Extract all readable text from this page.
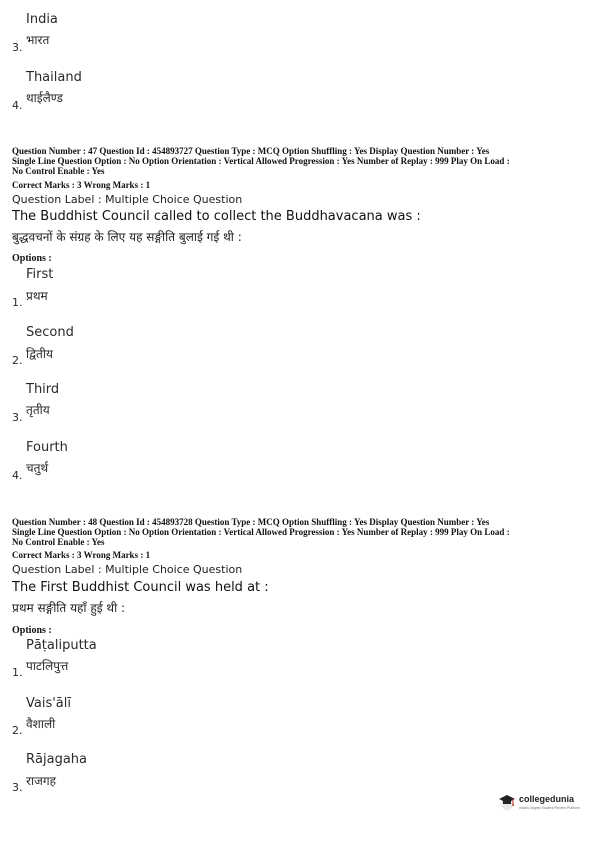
India
भारत
3.
Thailand
थाईलैण्ड
4.
Question Number : 47 Question Id : 454893727 Question Type : MCQ Option Shuffling : Yes Display Question Number : Yes
Single Line Question Option : No Option Orientation : Vertical Allowed Progression : Yes Number of Replay : 999 Play On Load :
No Control Enable : Yes
Correct Marks : 3 Wrong Marks : 1
Question Label : Multiple Choice Question
The Buddhist Council called to collect the Buddhavacana was :
बुद्धवचनों के संग्रह के लिए यह सङ्गीति बुलाई गई थी :
Options :
First
प्रथम
1.
Second
द्वितीय
2.
Third
तृतीय
3.
Fourth
चतुर्थ
4.
Question Number : 48 Question Id : 454893728 Question Type : MCQ Option Shuffling : Yes Display Question Number : Yes
Single Line Question Option : No Option Orientation : Vertical Allowed Progression : Yes Number of Replay : 999 Play On Load :
No Control Enable : Yes
Correct Marks : 3 Wrong Marks : 1
Question Label : Multiple Choice Question
The First Buddhist Council was held at :
प्रथम सङ्गीति यहाँ हुई थी :
Options :
Pāṭaliputta
पाटलिपुत्त
1.
Vais'ālī
वैशाली
2.
Rājagaha
राजगह
3.
collegedunia
India's largest Student Review Platform
